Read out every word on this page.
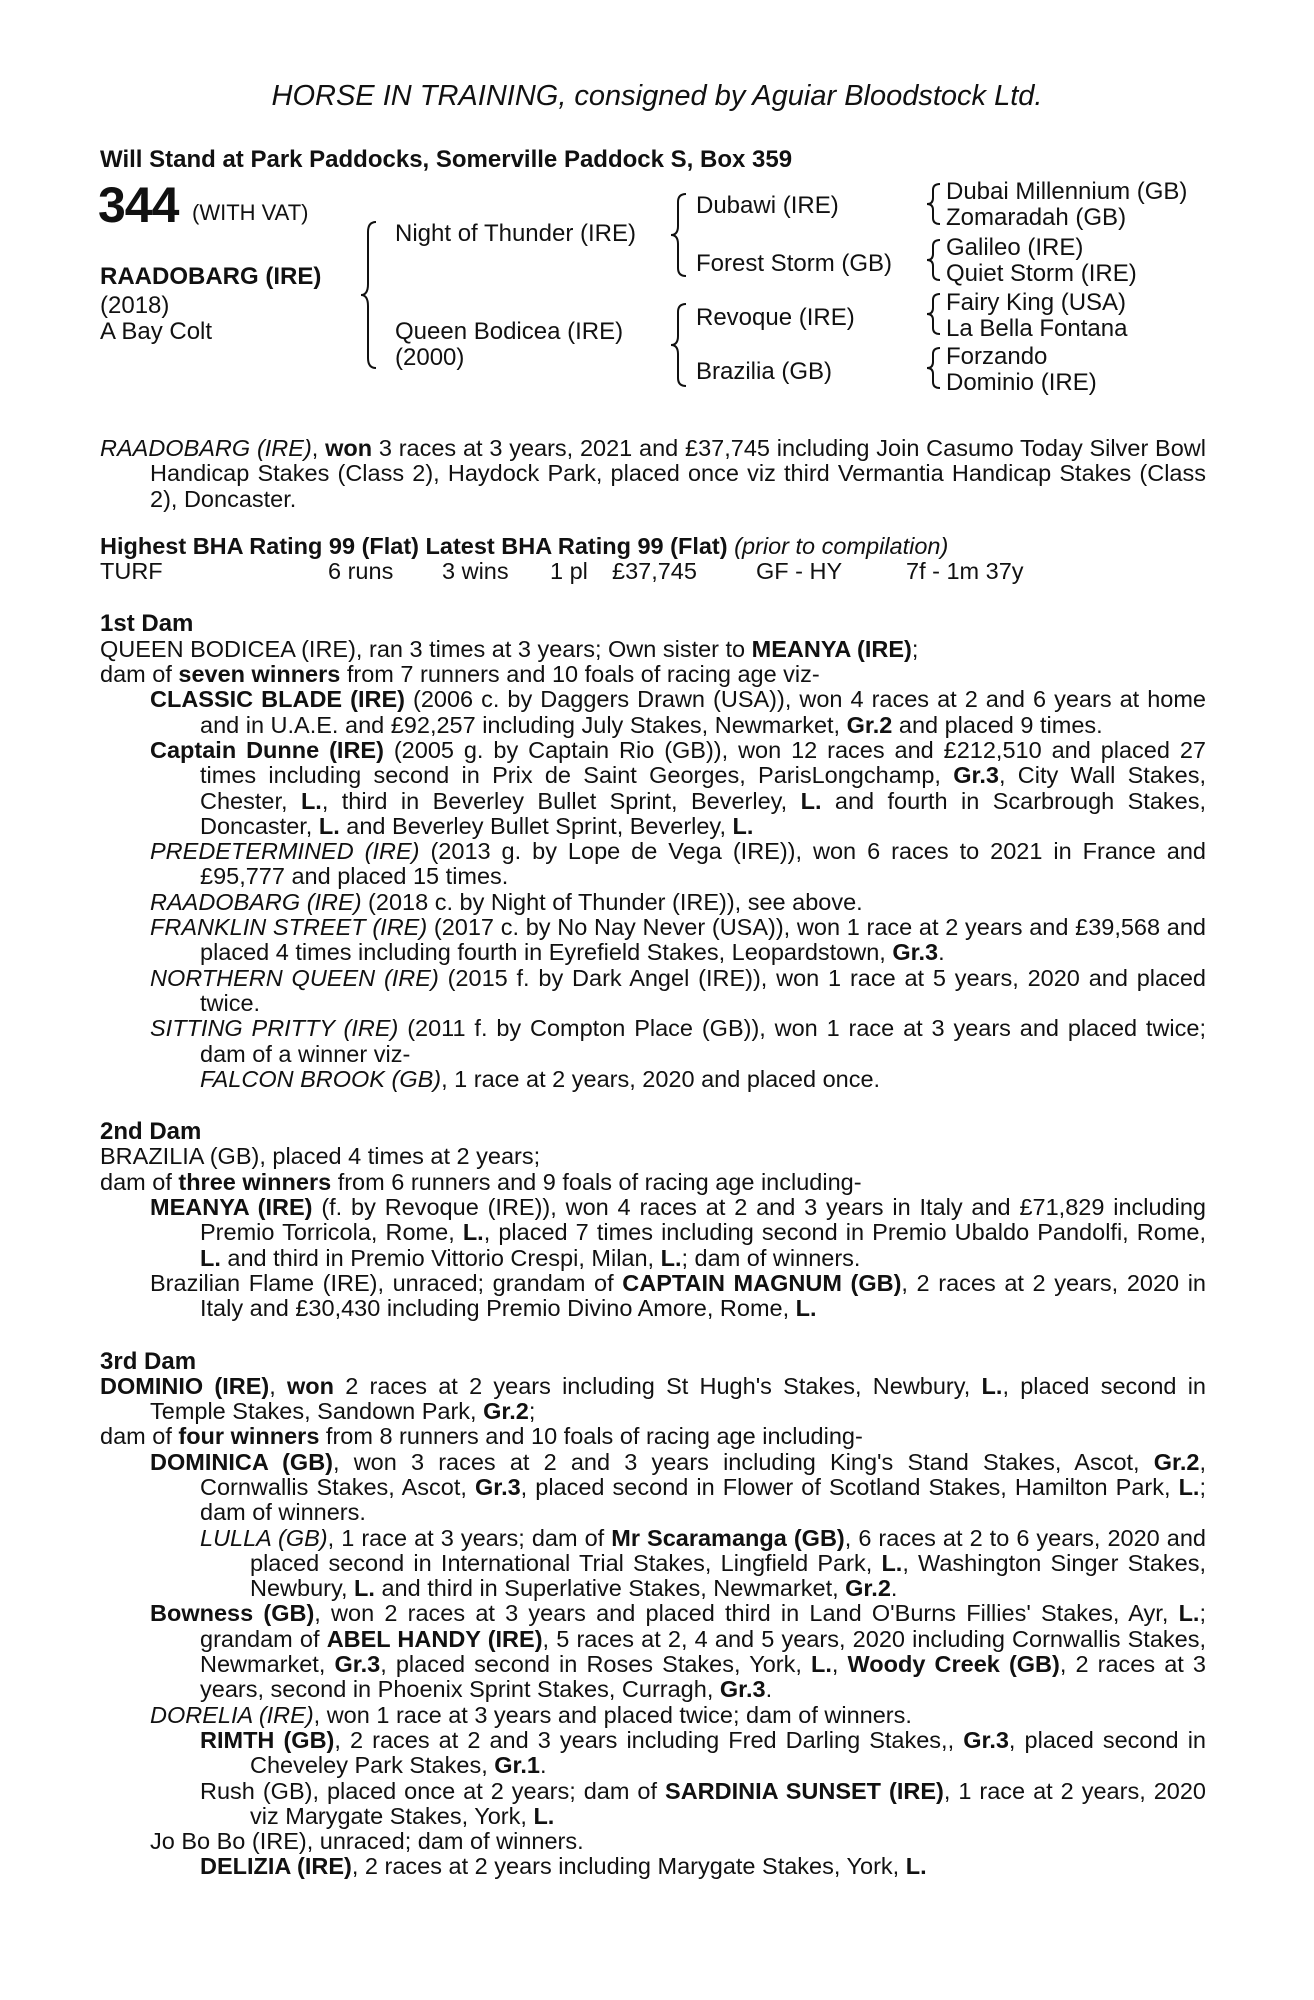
HORSE IN TRAINING, consigned by Aguiar Bloodstock Ltd.
Will Stand at Park Paddocks, Somerville Paddock S, Box 359
344 (WITH VAT)
RAADOBARG (IRE)
(2018)
A Bay Colt
Night of Thunder (IRE)
Queen Bodicea (IRE)
(2000)
Dubawi (IRE)
Forest Storm (GB)
Revoque (IRE)
Brazilia (GB)
Dubai Millennium (GB)
Zomaradah (GB)
Galileo (IRE)
Quiet Storm (IRE)
Fairy King (USA)
La Bella Fontana
Forzando
Dominio (IRE)

RAADOBARG (IRE), won 3 races at 3 years, 2021 and £37,745 including Join Casumo Today Silver Bowl Handicap Stakes (Class 2), Haydock Park, placed once viz third Vermantia Handicap Stakes (Class 2), Doncaster.

Highest BHA Rating 99 (Flat) Latest BHA Rating 99 (Flat) (prior to compilation)

TURF	6 runs 3 wins 1 pl £37,745	GF - HY	7f - 1m 37y

1st Dam

QUEEN BODICEA (IRE), ran 3 times at 3 years; Own sister to MEANYA (IRE);

dam of seven winners from 7 runners and 10 foals of racing age viz-

CLASSIC BLADE (IRE) (2006 c. by Daggers Drawn (USA)), won 4 races at 2 and 6 years at home and in U.A.E. and £92,257 including July Stakes, Newmarket, Gr.2 and placed 9 times.

Captain Dunne (IRE) (2005 g. by Captain Rio (GB)), won 12 races and £212,510 and placed 27 times including second in Prix de Saint Georges, ParisLongchamp, Gr.3, City Wall Stakes, Chester, L., third in Beverley Bullet Sprint, Beverley, L. and fourth in Scarbrough Stakes, Doncaster, L. and Beverley Bullet Sprint, Beverley, L.

PREDETERMINED (IRE) (2013 g. by Lope de Vega (IRE)), won 6 races to 2021 in France and £95,777 and placed 15 times.

RAADOBARG (IRE) (2018 c. by Night of Thunder (IRE)), see above.

FRANKLIN STREET (IRE) (2017 c. by No Nay Never (USA)), won 1 race at 2 years and £39,568 and placed 4 times including fourth in Eyrefield Stakes, Leopardstown, Gr.3.

NORTHERN QUEEN (IRE) (2015 f. by Dark Angel (IRE)), won 1 race at 5 years, 2020 and placed twice.

SITTING PRITTY (IRE) (2011 f. by Compton Place (GB)), won 1 race at 3 years and placed twice; dam of a winner viz-

FALCON BROOK (GB), 1 race at 2 years, 2020 and placed once.

2nd Dam

BRAZILIA (GB), placed 4 times at 2 years;

dam of three winners from 6 runners and 9 foals of racing age including-

MEANYA (IRE) (f. by Revoque (IRE)), won 4 races at 2 and 3 years in Italy and £71,829 including Premio Torricola, Rome, L., placed 7 times including second in Premio Ubaldo Pandolfi, Rome, L. and third in Premio Vittorio Crespi, Milan, L.; dam of winners.

Brazilian Flame (IRE), unraced; grandam of CAPTAIN MAGNUM (GB), 2 races at 2 years, 2020 in Italy and £30,430 including Premio Divino Amore, Rome, L.

3rd Dam

DOMINIO (IRE), won 2 races at 2 years including St Hugh's Stakes, Newbury, L., placed second in Temple Stakes, Sandown Park, Gr.2;

dam of four winners from 8 runners and 10 foals of racing age including-

DOMINICA (GB), won 3 races at 2 and 3 years including King's Stand Stakes, Ascot, Gr.2, Cornwallis Stakes, Ascot, Gr.3, placed second in Flower of Scotland Stakes, Hamilton Park, L.; dam of winners.

LULLA (GB), 1 race at 3 years; dam of Mr Scaramanga (GB), 6 races at 2 to 6 years, 2020 and placed second in International Trial Stakes, Lingfield Park, L., Washington Singer Stakes, Newbury, L. and third in Superlative Stakes, Newmarket, Gr.2.

Bowness (GB), won 2 races at 3 years and placed third in Land O'Burns Fillies' Stakes, Ayr, L.; grandam of ABEL HANDY (IRE), 5 races at 2, 4 and 5 years, 2020 including Cornwallis Stakes, Newmarket, Gr.3, placed second in Roses Stakes, York, L., Woody Creek (GB), 2 races at 3 years, second in Phoenix Sprint Stakes, Curragh, Gr.3.

DORELIA (IRE), won 1 race at 3 years and placed twice; dam of winners.

RIMTH (GB), 2 races at 2 and 3 years including Fred Darling Stakes,, Gr.3, placed second in Cheveley Park Stakes, Gr.1.

Rush (GB), placed once at 2 years; dam of SARDINIA SUNSET (IRE), 1 race at 2 years, 2020 viz Marygate Stakes, York, L.

Jo Bo Bo (IRE), unraced; dam of winners.

DELIZIA (IRE), 2 races at 2 years including Marygate Stakes, York, L.
